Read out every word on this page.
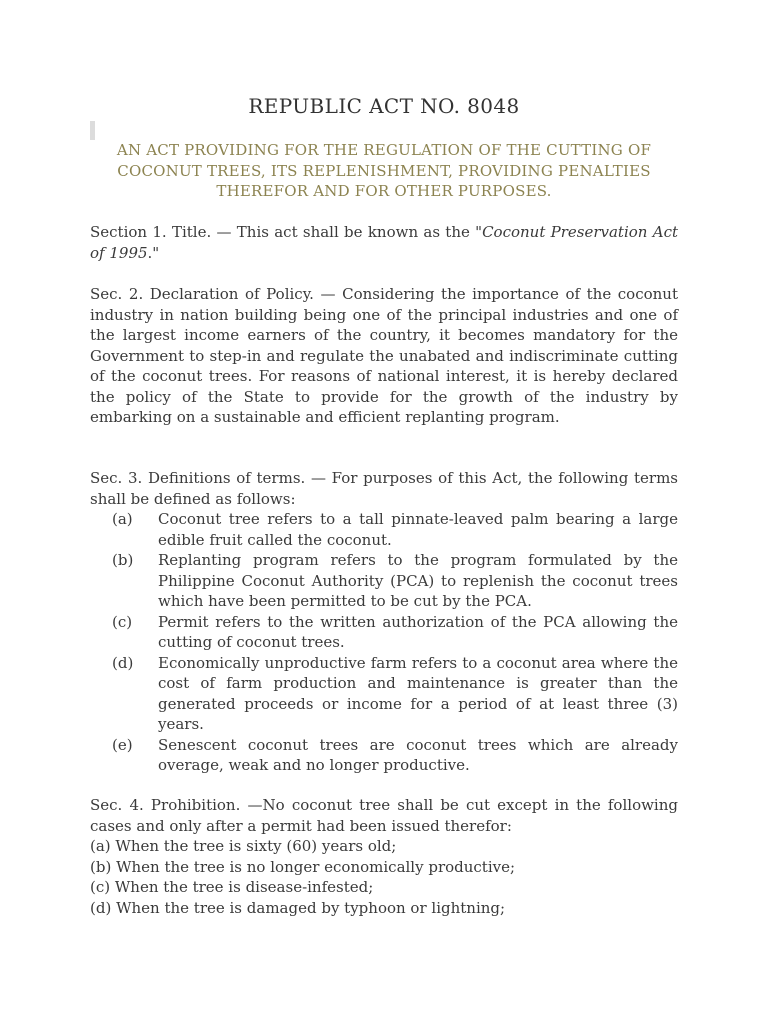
REPUBLIC ACT NO. 8048

AN ACT PROVIDING FOR THE REGULATION OF THE CUTTING OF COCONUT TREES, ITS REPLENISHMENT, PROVIDING PENALTIES THEREFOR AND FOR OTHER PURPOSES.

Section 1. Title. — This act shall be known as the "Coconut Preservation Act of 1995."

Sec. 2. Declaration of Policy. — Considering the importance of the coconut industry in nation building being one of the principal industries and one of the largest income earners of the country, it becomes mandatory for the Government to step-in and regulate the unabated and indiscriminate cutting of the coconut trees. For reasons of national interest, it is hereby declared the policy of the State to provide for the growth of the industry by embarking on a sustainable and efficient replanting program.

Sec. 3. Definitions of terms. — For purposes of this Act, the following terms shall be defined as follows:

(a) Coconut tree refers to a tall pinnate-leaved palm bearing a large edible fruit called the coconut.
(b) Replanting program refers to the program formulated by the Philippine Coconut Authority (PCA) to replenish the coconut trees which have been permitted to be cut by the PCA.
(c) Permit refers to the written authorization of the PCA allowing the cutting of coconut trees.
(d) Economically unproductive farm refers to a coconut area where the cost of farm production and maintenance is greater than the generated proceeds or income for a period of at least three (3) years.
(e) Senescent coconut trees are coconut trees which are already overage, weak and no longer productive.
Sec. 4. Prohibition. —No coconut tree shall be cut except in the following cases and only after a permit had been issued therefor:
(a) When the tree is sixty (60) years old;
(b) When the tree is no longer economically productive;
(c) When the tree is disease-infested;
(d) When the tree is damaged by typhoon or lightning;
